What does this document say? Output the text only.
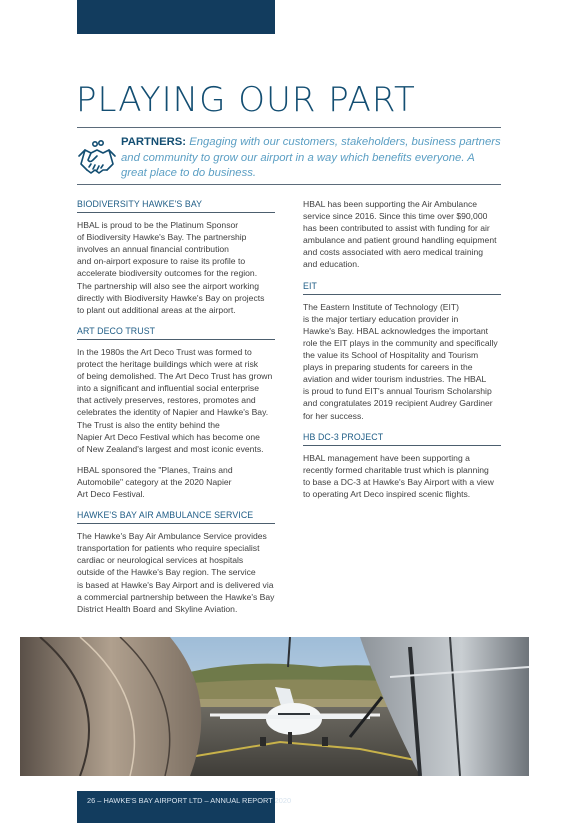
PLAYING OUR PART
PARTNERS: Engaging with our customers, stakeholders, business partners and community to grow our airport in a way which benefits everyone. A great place to do business.
BIODIVERSITY HAWKE'S BAY

HBAL is proud to be the Platinum Sponsor
of Biodiversity Hawke's Bay. The partnership
involves an annual financial contribution
and on-airport exposure to raise its profile to
accelerate biodiversity outcomes for the region.
The partnership will also see the airport working
directly with Biodiversity Hawke's Bay on projects
to plant out additional areas at the airport.

ART DECO TRUST

In the 1980s the Art Deco Trust was formed to
protect the heritage buildings which were at risk
of being demolished. The Art Deco Trust has grown
into a significant and influential social enterprise
that actively preserves, restores, promotes and
celebrates the identity of Napier and Hawke's Bay.
The Trust is also the entity behind the
Napier Art Deco Festival which has become one
of New Zealand's largest and most iconic events.

HBAL sponsored the "Planes, Trains and
Automobile" category at the 2020 Napier
Art Deco Festival.

HAWKE'S BAY AIR AMBULANCE SERVICE

The Hawke's Bay Air Ambulance Service provides
transportation for patients who require specialist
cardiac or neurological services at hospitals
outside of the Hawke's Bay region. The service
is based at Hawke's Bay Airport and is delivered via
a commercial partnership between the Hawke's Bay
District Health Board and Skyline Aviation.

HBAL has been supporting the Air Ambulance
service since 2016. Since this time over $90,000
has been contributed to assist with funding for air
ambulance and patient ground handling equipment
and costs associated with aero medical training
and education.

EIT

The Eastern Institute of Technology (EIT)
is the major tertiary education provider in
Hawke's Bay. HBAL acknowledges the important
role the EIT plays in the community and specifically
the value its School of Hospitality and Tourism
plays in preparing students for careers in the
aviation and wider tourism industries. The HBAL
is proud to fund EIT's annual Tourism Scholarship
and congratulates 2019 recipient Audrey Gardiner
for her success.

HB DC-3 PROJECT

HBAL management have been supporting a
recently formed charitable trust which is planning
to base a DC-3 at Hawke's Bay Airport with a view
to operating Art Deco inspired scenic flights.

26 – HAWKE'S BAY AIRPORT LTD – ANNUAL REPORT 2020
